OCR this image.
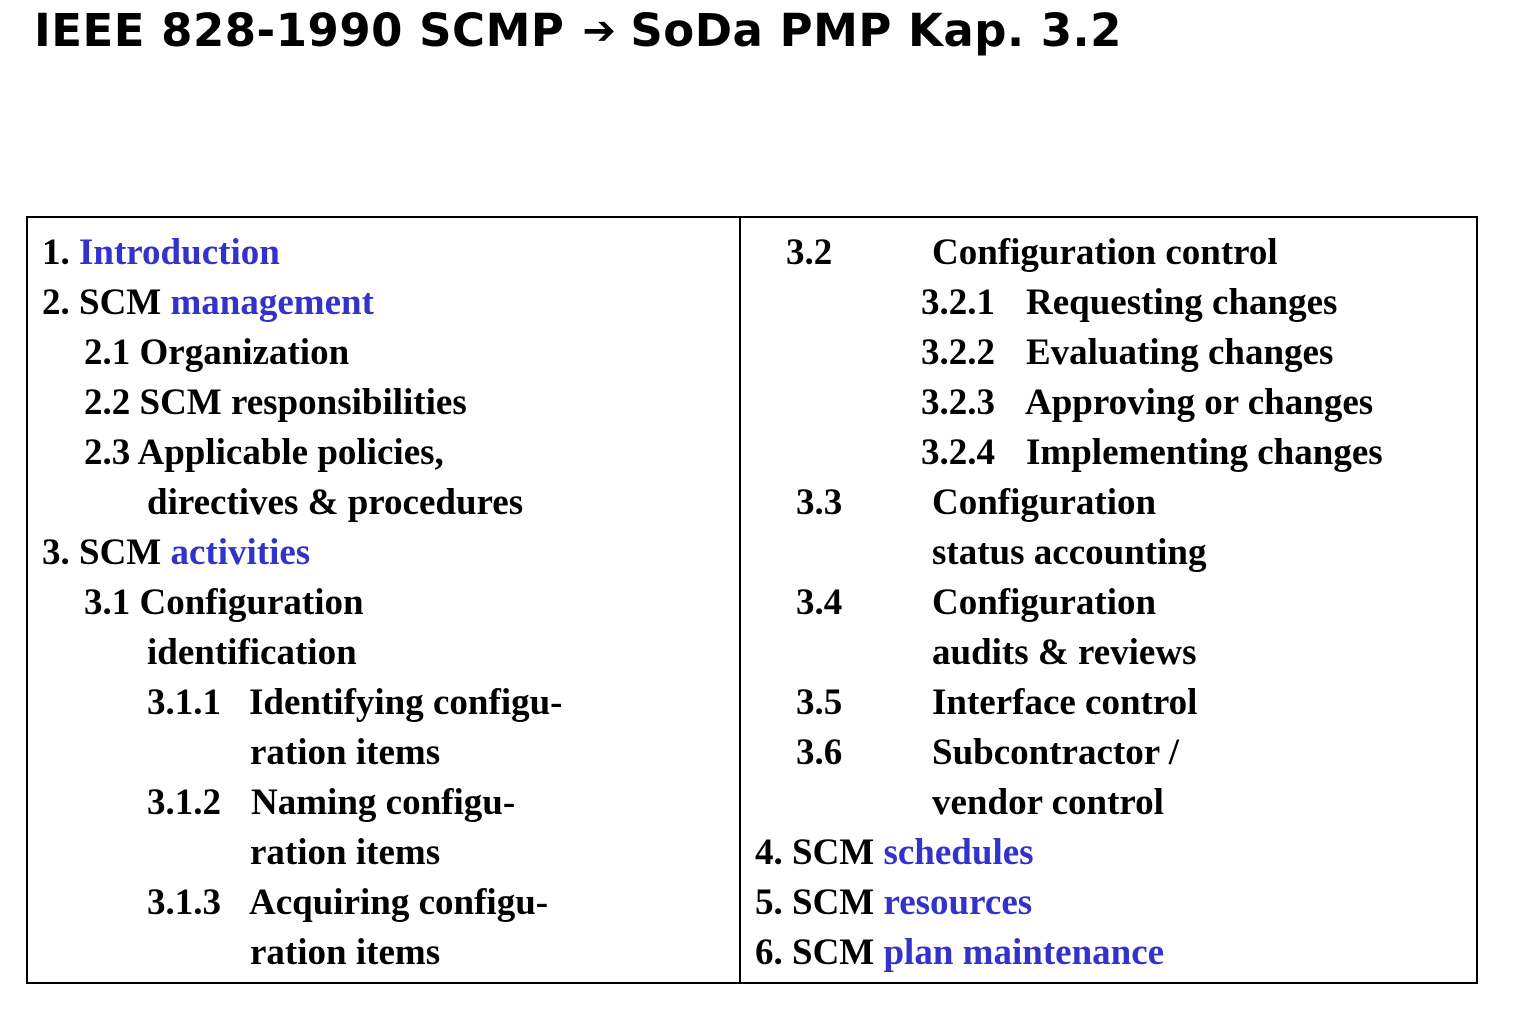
IEEE 828-1990 SCMP ➔ SoDa PMP Kap. 3.2
1. Introduction
2. SCM management
2.1 Organization
2.2 SCM responsibilities
2.3 Applicable policies,
directives & procedures
3. SCM activities
3.1 Configuration
identification
3.1.1 Identifying configu-
ration items
3.1.2 Naming configu-
ration items
3.1.3 Acquiring configu-
ration items
3.2	Configuration control
3.2.1 Requesting changes
3.2.2 Evaluating changes
3.2.3 Approving or changes
3.2.4 Implementing changes
3.3 Configuration
status accounting
3.4 Configuration
audits & reviews
3.5 Interface control
3.6 Subcontractor /
vendor control
4. SCM schedules
5. SCM resources
6. SCM plan maintenance
